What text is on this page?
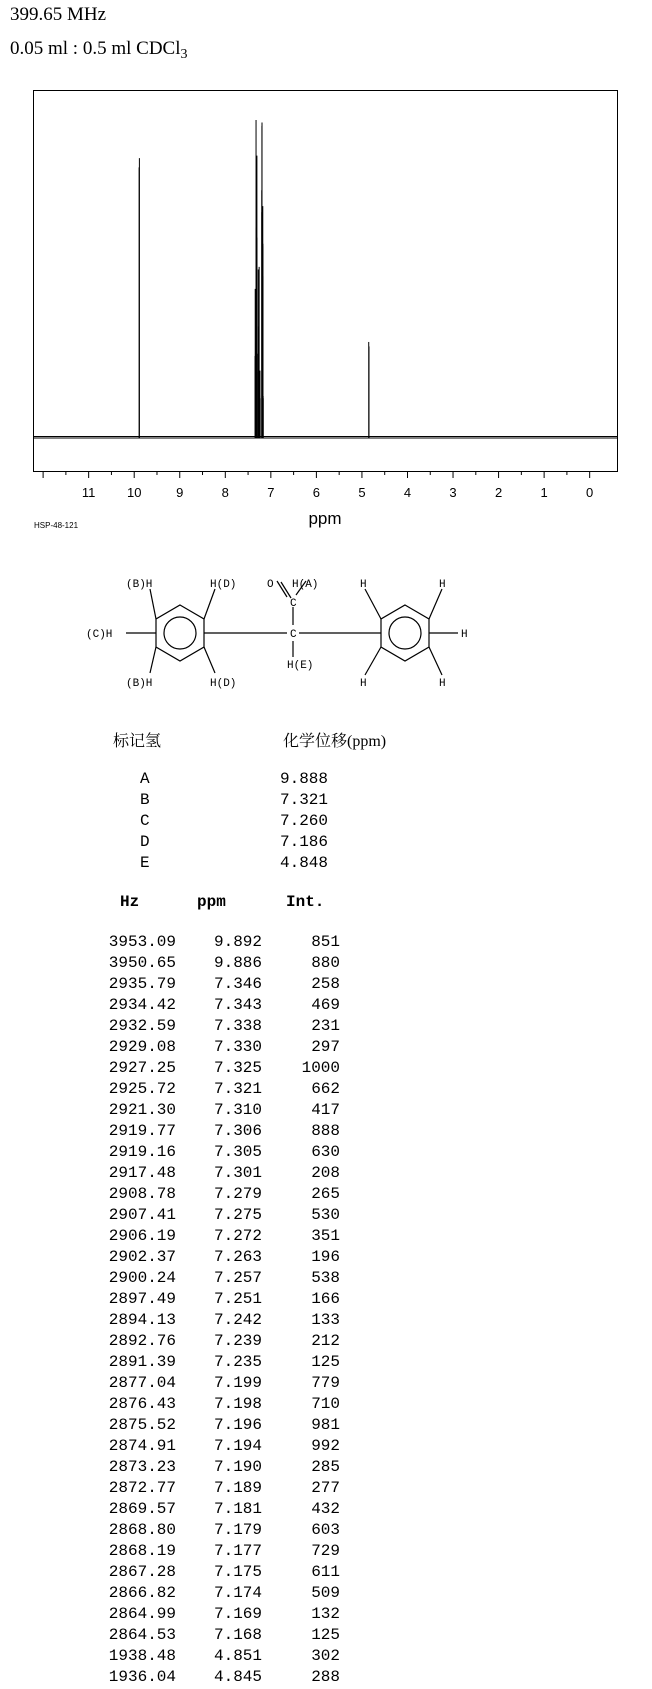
399.65 MHz
0.05 ml : 0.5 ml CDCl$_3$
11 10	9	8	7	6	5	4	3	2	1	0
ppm
HSP-48-121
(B)H
(B)H
(C)H
H(D)
H(D)
O H(A)
C
C
H(E)
H	H
H
H	H
标记氢	化学位移(ppm)
A	9.888
B	7.321
C	7.260
D	7.186
E	4.848
Hz	ppm	Int.
3953.09	9.892	851
3950.65	9.886	880
2935.79	7.346	258
2934.42	7.343	469
2932.59	7.338	231
2929.08	7.330	297
2927.25	7.325	1000
2925.72	7.321	662
2921.30	7.310	417
2919.77	7.306	888
2919.16	7.305	630
2917.48	7.301	208
2908.78	7.279	265
2907.41	7.275	530
2906.19	7.272	351
2902.37	7.263	196
2900.24	7.257	538
2897.49	7.251	166
2894.13	7.242	133
2892.76	7.239	212
2891.39	7.235	125
2877.04	7.199	779
2876.43	7.198	710
2875.52	7.196	981
2874.91	7.194	992
2873.23	7.190	285
2872.77	7.189	277
2869.57	7.181	432
2868.80	7.179	603
2868.19	7.177	729
2867.28	7.175	611
2866.82	7.174	509
2864.99	7.169	132
2864.53	7.168	125
1938.48	4.851	302
1936.04	4.845	288
